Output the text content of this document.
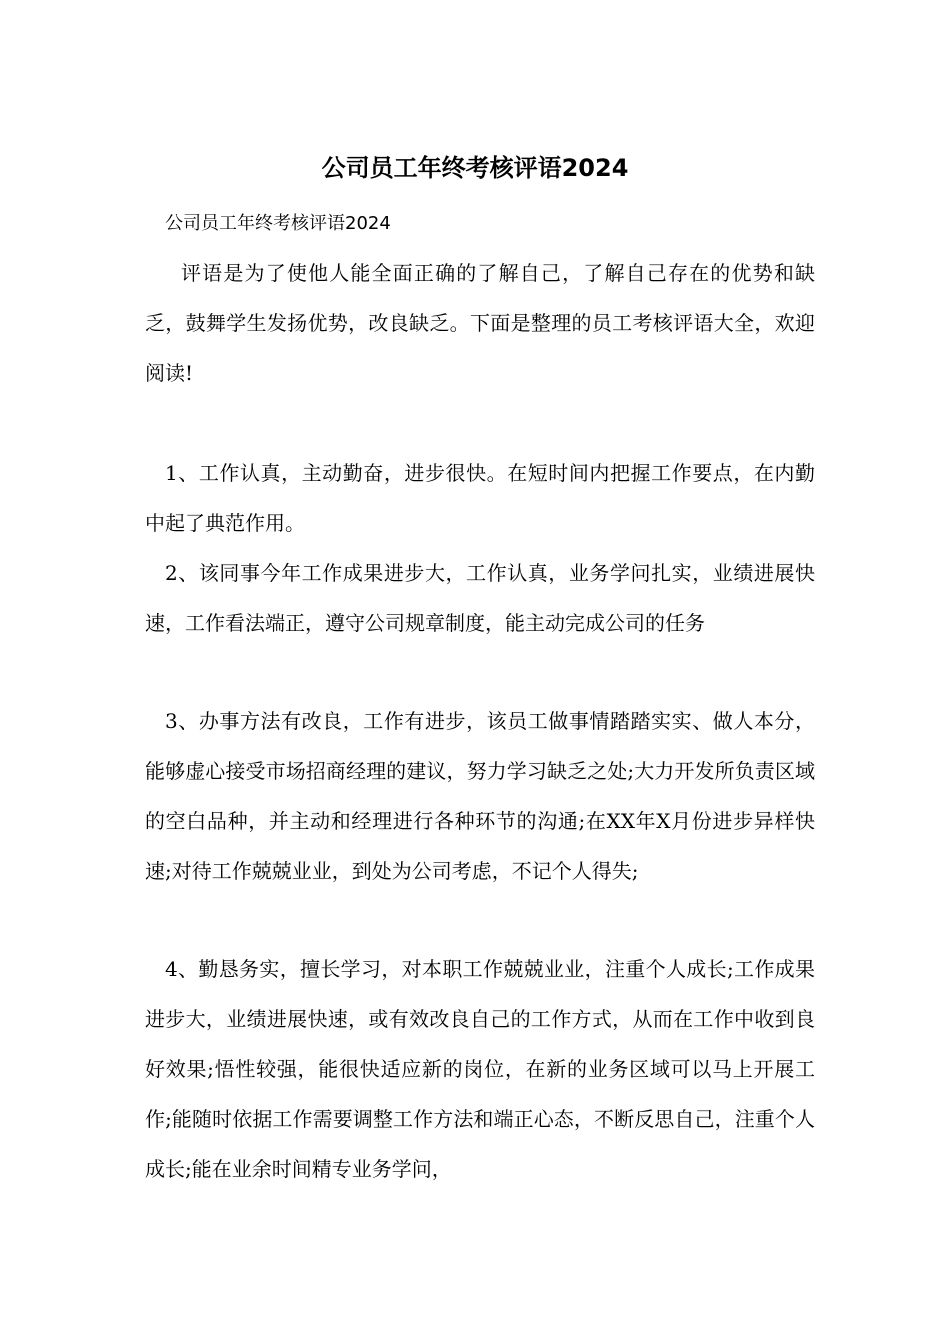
公司员工年终考核评语2024
公司员工年终考核评语2024

评语是为了使他人能全面正确的了解自己，了解自己存在的优势和缺乏，鼓舞学生发扬优势，改良缺乏。下面是整理的员工考核评语大全，欢迎阅读!

1、工作认真，主动勤奋，进步很快。在短时间内把握工作要点，在内勤中起了典范作用。

2、该同事今年工作成果进步大，工作认真，业务学问扎实，业绩进展快速，工作看法端正，遵守公司规章制度，能主动完成公司的任务

3、办事方法有改良，工作有进步，该员工做事情踏踏实实、做人本分，能够虚心接受市场招商经理的建议，努力学习缺乏之处;大力开发所负责区域的空白品种，并主动和经理进行各种环节的沟通;在XX年X月份进步异样快速;对待工作兢兢业业，到处为公司考虑，不记个人得失;

4、勤恳务实，擅长学习，对本职工作兢兢业业，注重个人成长;工作成果进步大，业绩进展快速，或有效改良自己的工作方式，从而在工作中收到良好效果;悟性较强，能很快适应新的岗位，在新的业务区域可以马上开展工作;能随时依据工作需要调整工作方法和端正心态，不断反思自己，注重个人成长;能在业余时间精专业务学问，
